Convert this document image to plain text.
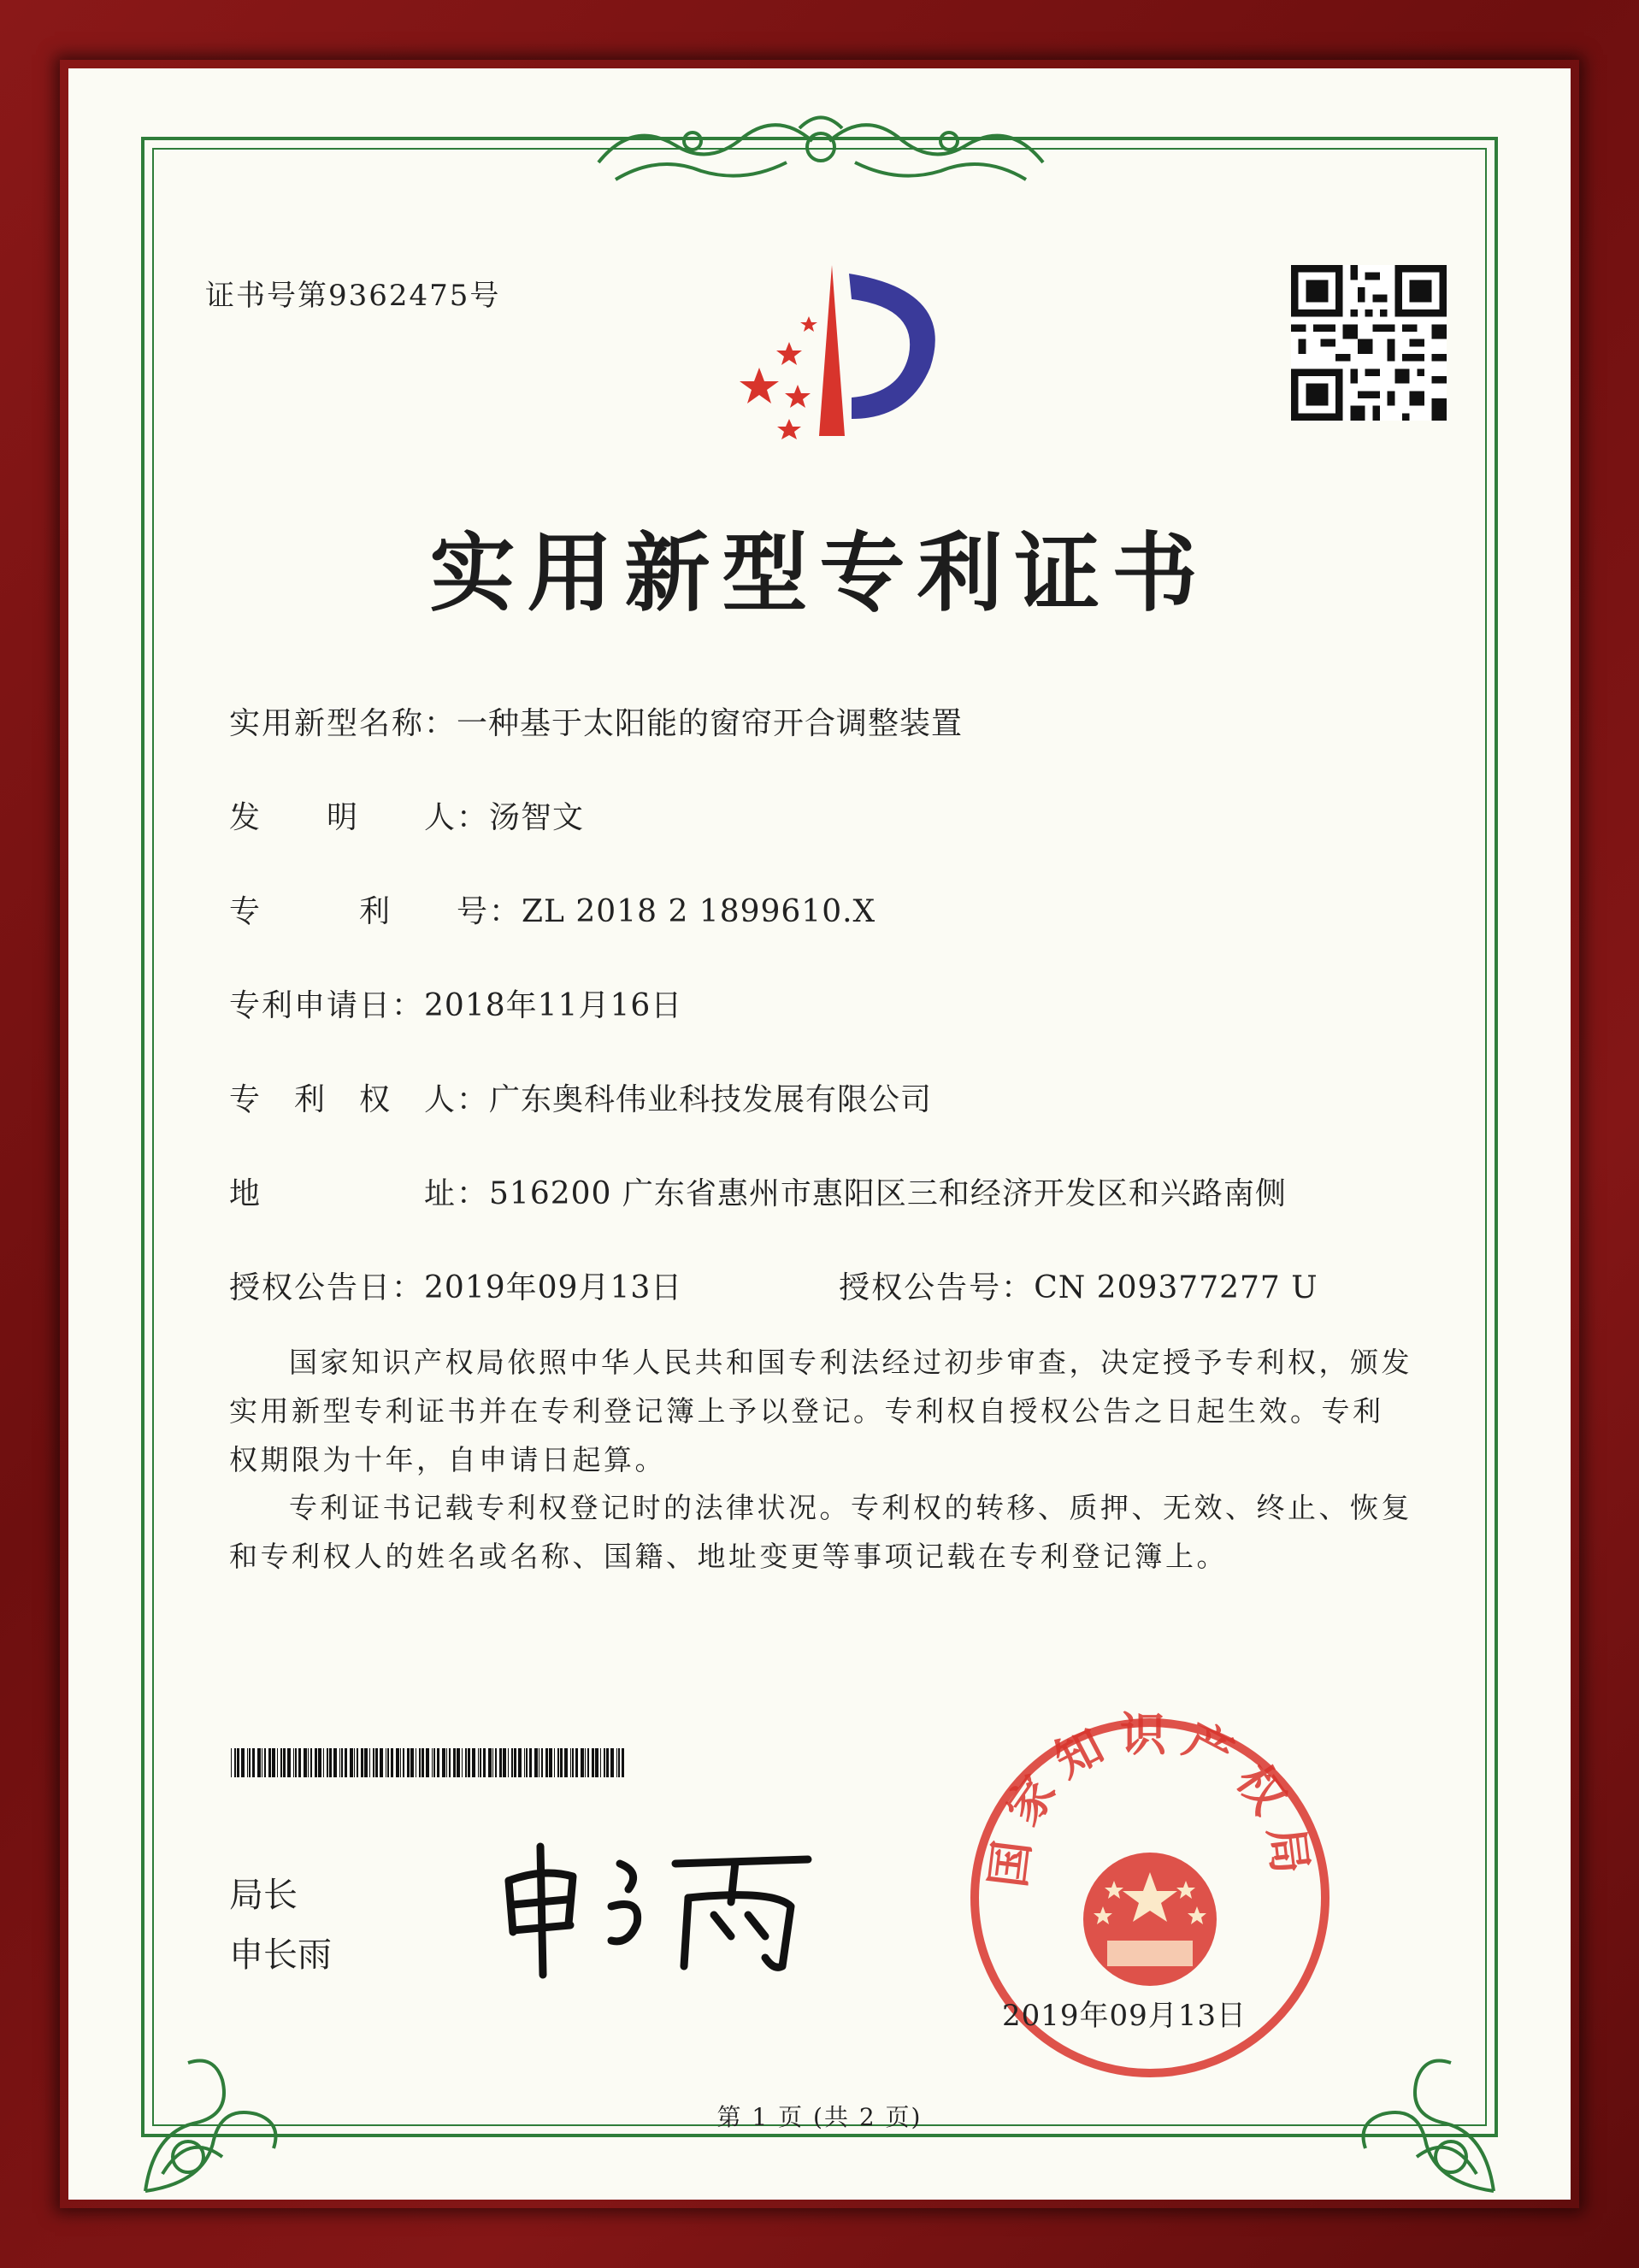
证书号第9362475号
实用新型专利证书
实用新型名称：一种基于太阳能的窗帘开合调整装置
发　　明　　人：汤智文
专　　　利　　号：ZL 2018 2 1899610.X
专利申请日：2018年11月16日
专　利　权　人：广东奥科伟业科技发展有限公司
地　　　　　址：516200 广东省惠州市惠阳区三和经济开发区和兴路南侧
授权公告日：2019年09月13日	授权公告号：CN 209377277 U
国家知识产权局依照中华人民共和国专利法经过初步审查，决定授予专利权，颁发实用新型专利证书并在专利登记簿上予以登记。专利权自授权公告之日起生效。专利权期限为十年，自申请日起算。
专利证书记载专利权登记时的法律状况。专利权的转移、质押、无效、终止、恢复和专利权人的姓名或名称、国籍、地址变更等事项记载在专利登记簿上。
局长
申长雨
国家知识产权局
2019年09月13日
第 1 页 (共 2 页)
